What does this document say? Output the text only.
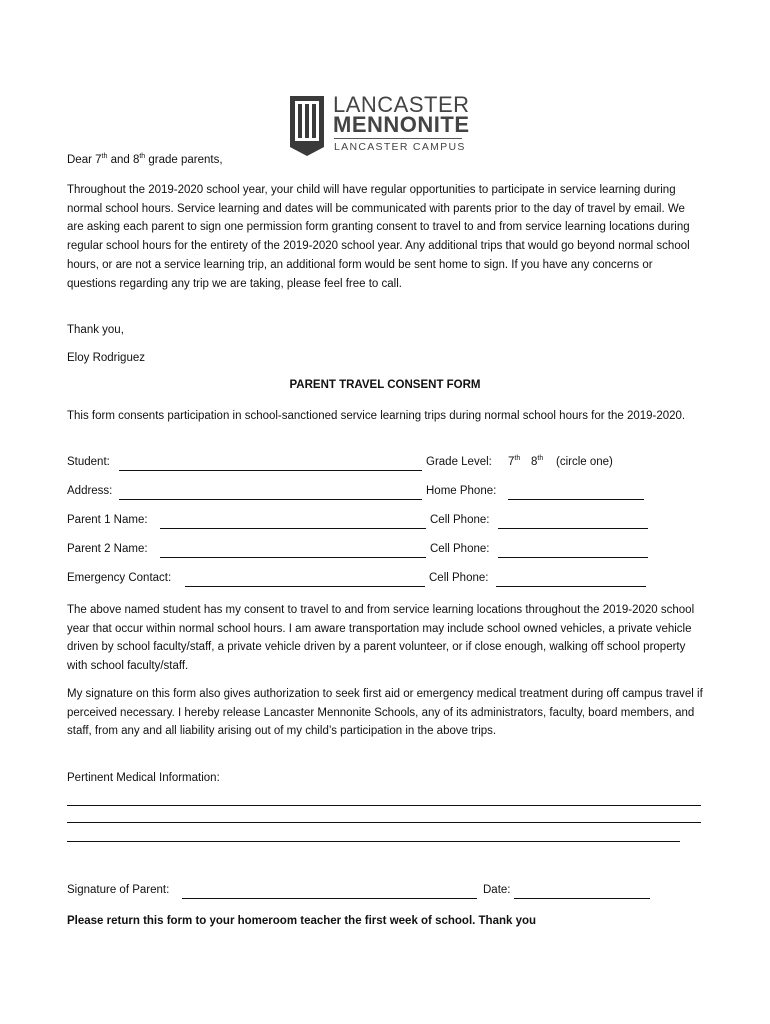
LANCASTER
MENNONITE
LANCASTER CAMPUS
Dear 7th and 8th grade parents,
Throughout the 2019-2020 school year, your child will have regular opportunities to participate in service learning during normal school hours. Service learning and dates will be communicated with parents prior to the day of travel by email. We are asking each parent to sign one permission form granting consent to travel to and from service learning locations during regular school hours for the entirety of the 2019-2020 school year. Any additional trips that would go beyond normal school hours, or are not a service learning trip, an additional form would be sent home to sign. If you have any concerns or questions regarding any trip we are taking, please feel free to call.
Thank you,
Eloy Rodriguez
PARENT TRAVEL CONSENT FORM
This form consents participation in school-sanctioned service learning trips during normal school hours for the 2019-2020.
Student:	Grade Level: 7th 8th (circle one)
Address:	Home Phone:
Parent 1 Name:	Cell Phone:
Parent 2 Name:	Cell Phone:
Emergency Contact:	Cell Phone:
The above named student has my consent to travel to and from service learning locations throughout the 2019-2020 school year that occur within normal school hours. I am aware transportation may include school owned vehicles, a private vehicle driven by school faculty/staff, a private vehicle driven by a parent volunteer, or if close enough, walking off school property with school faculty/staff.
My signature on this form also gives authorization to seek first aid or emergency medical treatment during off campus travel if perceived necessary. I hereby release Lancaster Mennonite Schools, any of its administrators, faculty, board members, and staff, from any and all liability arising out of my child’s participation in the above trips.
Pertinent Medical Information:
Signature of Parent:	Date:
Please return this form to your homeroom teacher the first week of school. Thank you
